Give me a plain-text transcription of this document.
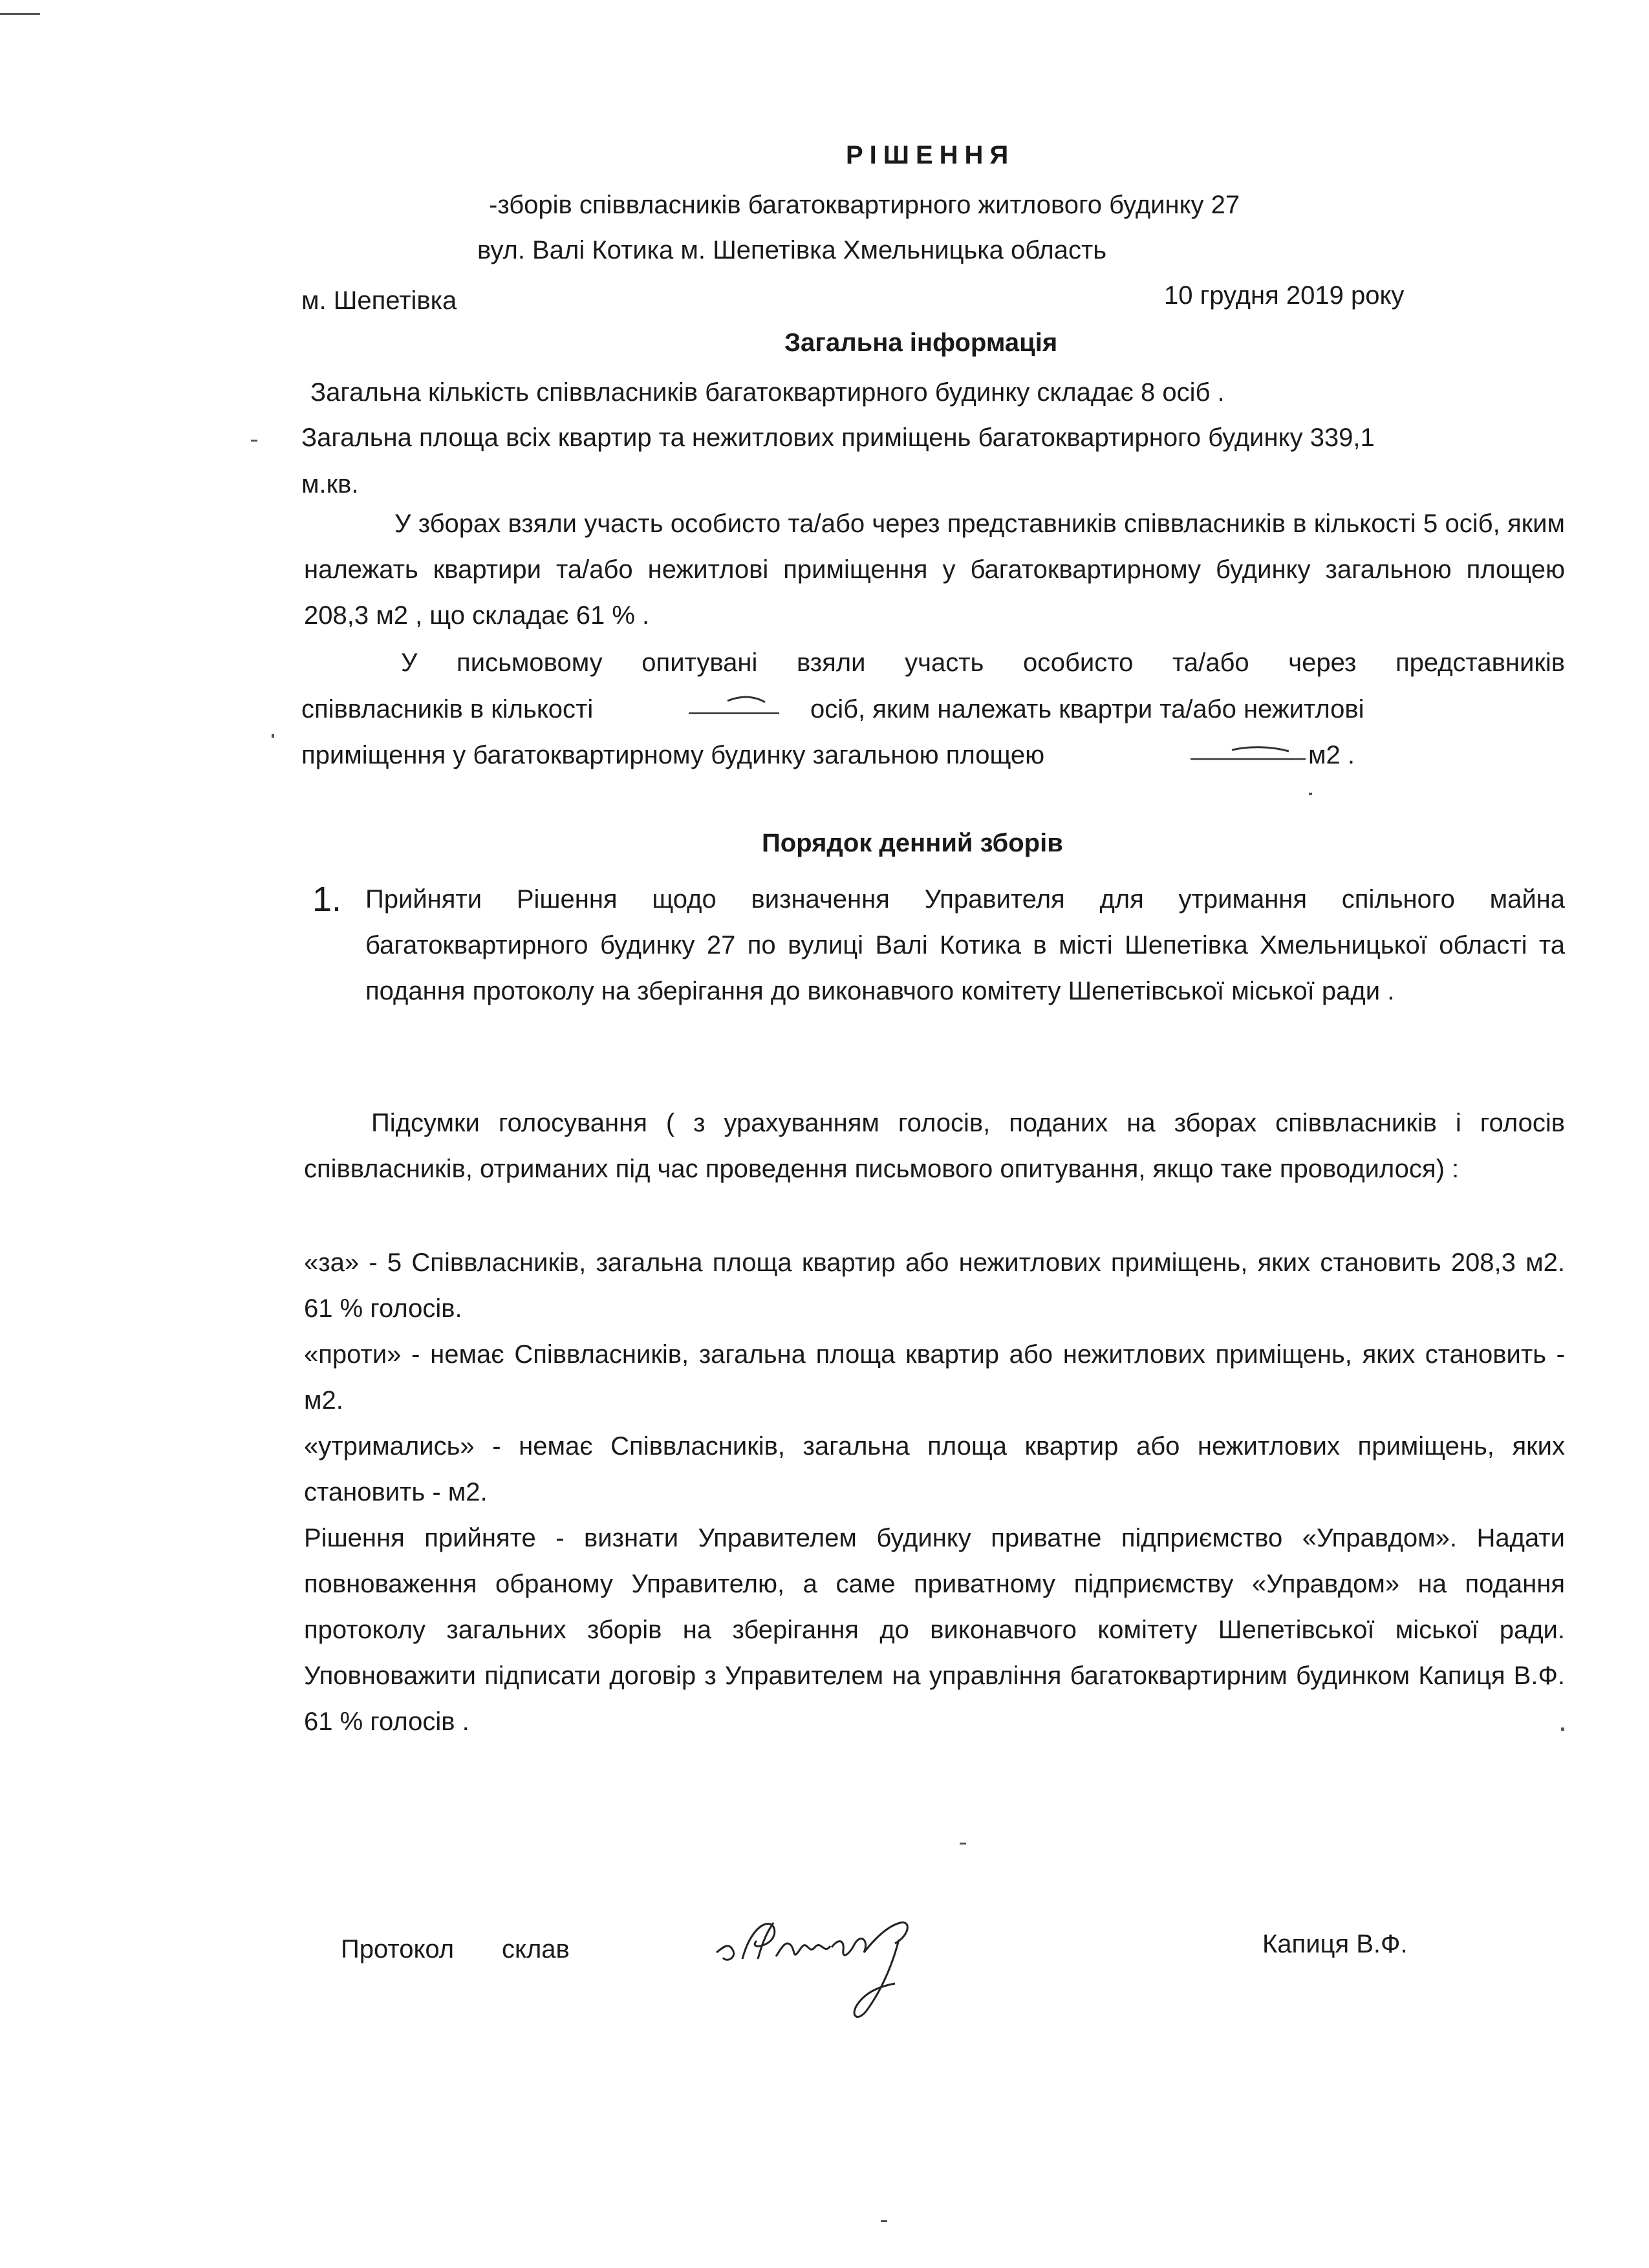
РІШЕННЯ
-зборів співвласників багатоквартирного житлового будинку 27
вул. Валі Котика м. Шепетівка Хмельницька область
м. Шепетівка	10 грудня 2019 року
Загальна інформація
Загальна кількість співвласників багатоквартирного будинку складає 8 осіб .
Загальна площа всіх квартир та нежитлових приміщень багатоквартирного будинку 339,1
м.кв.
У зборах взяли участь особисто та/або через представників співвласників в кількості 5 осіб, яким належать квартири та/або нежитлові приміщення у багатоквартирному будинку загальною площею 208,3 м2 , що складає 61 % .
У письмовому опитувані взяли участь особисто та/або через представників
співвласників в кількості	осіб, яким належать квартри та/або нежитлові
приміщення у багатоквартирному будинку загальною площею	м2 .
Порядок денний зборів
1. Прийняти Рішення щодо визначення Управителя для утримання спільного майна багатоквартирного будинку 27 по вулиці Валі Котика в місті Шепетівка Хмельницької області та подання протоколу на зберігання до виконавчого комітету Шепетівської міської ради .
Підсумки голосування ( з урахуванням голосів, поданих на зборах співвласників і голосів співвласників, отриманих під час проведення письмового опитування, якщо таке проводилося) :
«за» - 5 Співвласників, загальна площа квартир або нежитлових приміщень, яких становить 208,3 м2. 61 % голосів.
«проти» - немає Співвласників, загальна площа квартир або нежитлових приміщень, яких становить - м2.
«утримались» - немає Співвласників, загальна площа квартир або нежитлових приміщень, яких становить - м2.
Рішення прийняте - визнати Управителем будинку приватне підприємство «Управдом». Надати повноваження обраному Управителю, а саме приватному підприємству «Управдом» на подання протоколу загальних зборів на зберігання до виконавчого комітету Шепетівської міської ради. Уповноважити підписати договір з Управителем на управління багатоквартирним будинком Капиця В.Ф. 61 % голосів .
Протокол склав	Капиця В.Ф.
